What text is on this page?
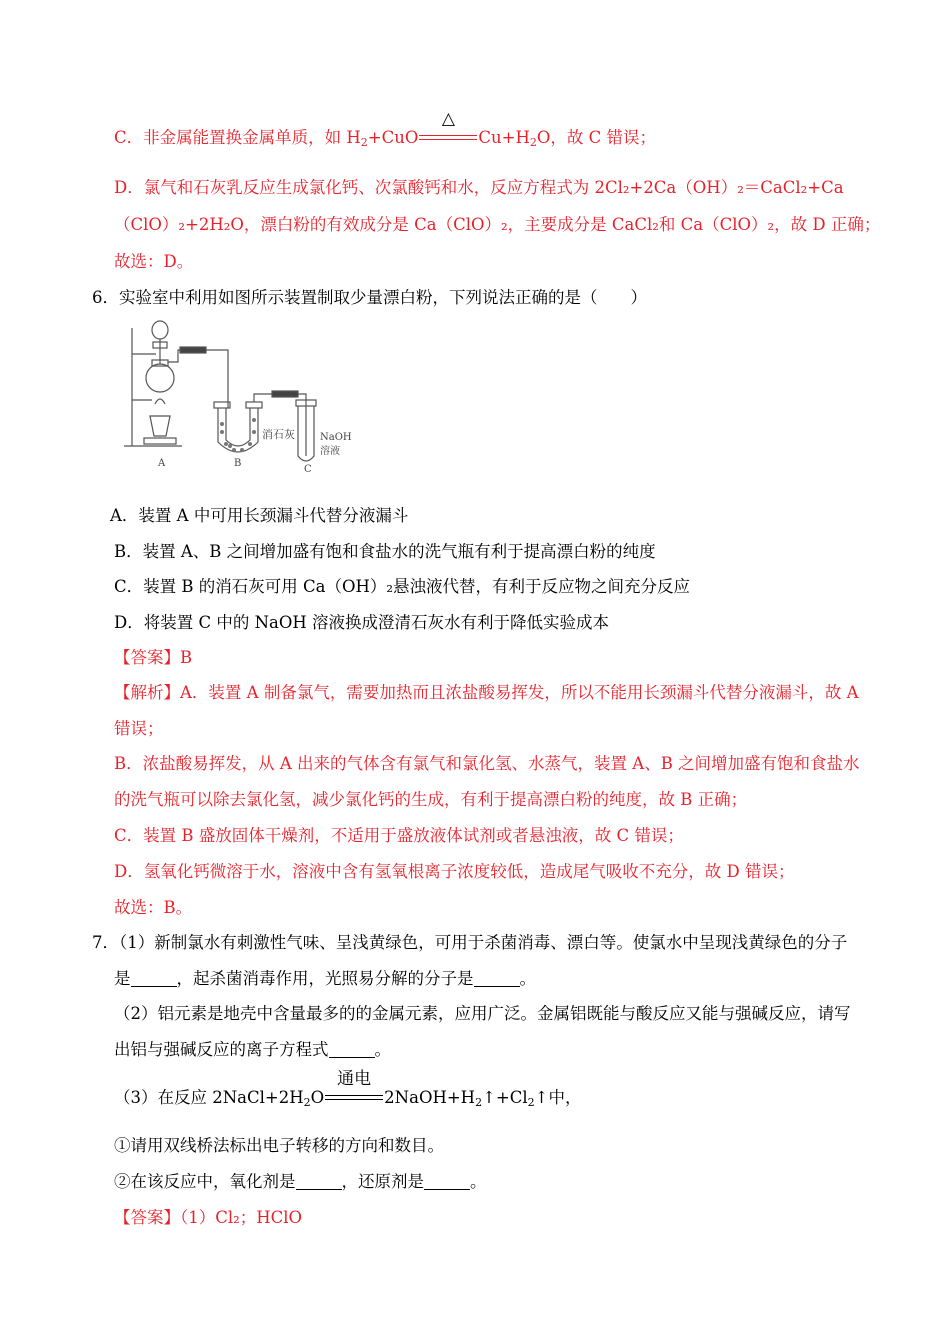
C．非金属能置换金属单质，如 $H_2+CuO$
△
$Cu+H_2O$，故 C 错误；
D．氯气和石灰乳反应生成氯化钙、次氯酸钙和水，反应方程式为 2Cl₂+2Ca（OH）₂＝CaCl₂+Ca
（ClO）₂+2H₂O，漂白粉的有效成分是 Ca（ClO）₂，主要成分是 CaCl₂和 Ca（ClO）₂，故 D 正确；
故选：D。
6．实验室中利用如图所示装置制取少量漂白粉，下列说法正确的是（　　）
A	B
C
消石灰	NaOH
溶液
A．装置 A 中可用长颈漏斗代替分液漏斗
B．装置 A、B 之间增加盛有饱和食盐水的洗气瓶有利于提高漂白粉的纯度
C．装置 B 的消石灰可用 Ca（OH）₂悬浊液代替，有利于反应物之间充分反应
D．将装置 C 中的 NaOH 溶液换成澄清石灰水有利于降低实验成本
【答案】B
【解析】A．装置 A 制备氯气，需要加热而且浓盐酸易挥发，所以不能用长颈漏斗代替分液漏斗，故 A
错误；
B．浓盐酸易挥发，从 A 出来的气体含有氯气和氯化氢、水蒸气，装置 A、B 之间增加盛有饱和食盐水
的洗气瓶可以除去氯化氢，减少氯化钙的生成，有利于提高漂白粉的纯度，故 B 正确；
C．装置 B 盛放固体干燥剂，不适用于盛放液体试剂或者悬浊液，故 C 错误；
D．氢氧化钙微溶于水，溶液中含有氢氧根离子浓度较低，造成尾气吸收不充分，故 D 错误；
故选：B。
7．（1）新制氯水有刺激性气味、呈浅黄绿色，可用于杀菌消毒、漂白等。使氯水中呈现浅黄绿色的分子
是	，起杀菌消毒作用，光照易分解的分子是	。
（2）铝元素是地壳中含量最多的的金属元素，应用广泛。金属铝既能与酸反应又能与强碱反应，请写
出铝与强碱反应的离子方程式	。
（3）在反应 $2NaCl+2H_2O$
通电
$2NaOH+H_2↑+Cl_2↑$中，
①请用双线桥法标出电子转移的方向和数目。
②在该反应中，氧化剂是	，还原剂是	。
【答案】（1）Cl₂；HClO
